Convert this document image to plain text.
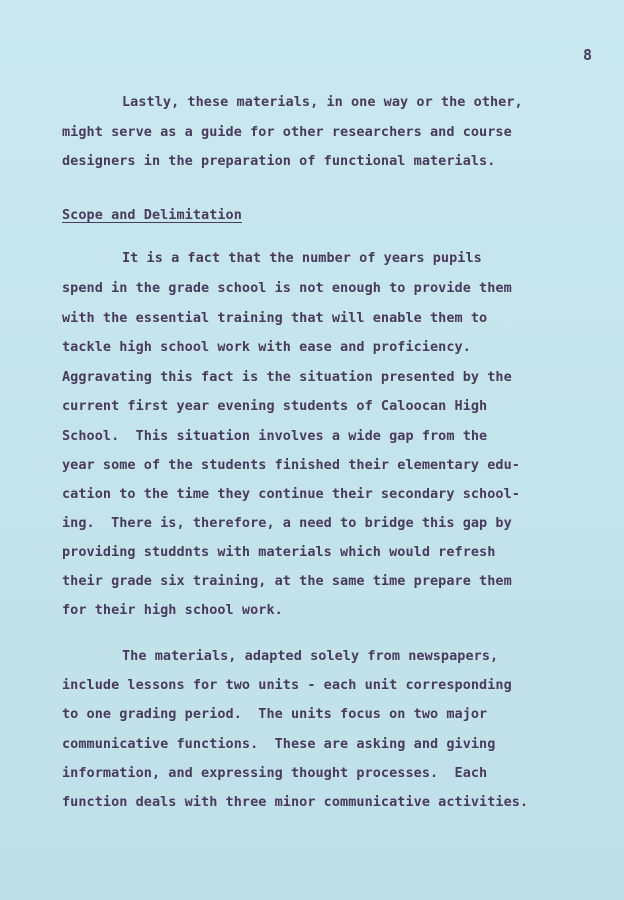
8
Lastly, these materials, in one way or the other,
might serve as a guide for other researchers and course
designers in the preparation of functional materials.
Scope and Delimitation
It is a fact that the number of years pupils
spend in the grade school is not enough to provide them
with the essential training that will enable them to
tackle high school work with ease and proficiency.
Aggravating this fact is the situation presented by the
current first year evening students of Caloocan High
School.  This situation involves a wide gap from the
year some of the students finished their elementary edu-
cation to the time they continue their secondary school-
ing.  There is, therefore, a need to bridge this gap by
providing studdnts with materials which would refresh
their grade six training, at the same time prepare them
for their high school work.
The materials, adapted solely from newspapers,
include lessons for two units - each unit corresponding
to one grading period.  The units focus on two major
communicative functions.  These are asking and giving
information, and expressing thought processes.  Each
function deals with three minor communicative activities.
